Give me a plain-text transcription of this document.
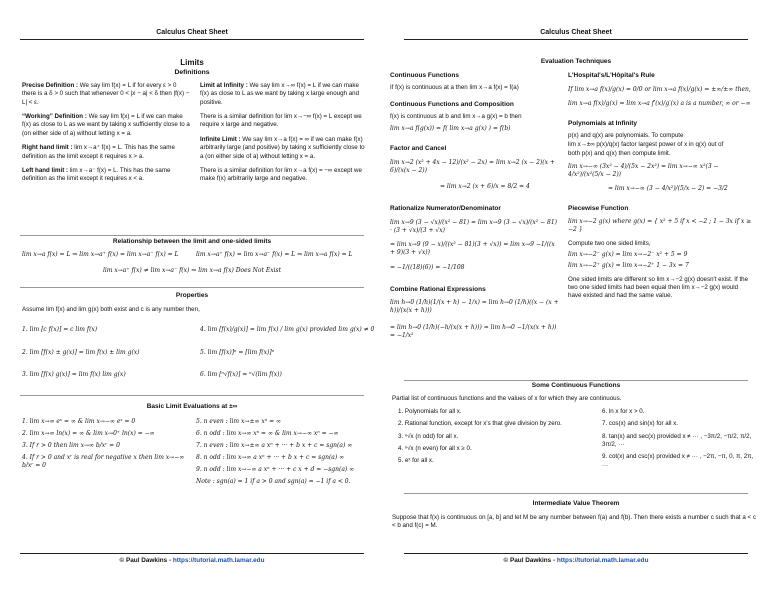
Calculus Cheat Sheet
Limits
Definitions

Precise Definition : We say lim f(x) = L if for every ε > 0 there is a δ > 0 such that whenever 0 < |x − a| < δ then |f(x) − L| < ε.

“Working” Definition : We say lim f(x) = L if we can make f(x) as close to L as we want by taking x sufficiently close to a (on either side of a) without letting x = a.

Right hand limit : lim x→a⁺ f(x) = L. This has the same definition as the limit except it requires x > a.

Left hand limit : lim x→a⁻ f(x) = L. This has the same definition as the limit except it requires x < a.

Limit at Infinity : We say lim x→∞ f(x) = L if we can make f(x) as close to L as we want by taking x large enough and positive.

There is a similar definition for lim x→−∞ f(x) = L except we require x large and negative.

Infinite Limit : We say lim x→a f(x) = ∞ if we can make f(x) arbitrarily large (and positive) by taking x sufficiently close to a (on either side of a) without letting x = a.

There is a similar definition for lim x→a f(x) = −∞ except we make f(x) arbitrarily large and negative.

Relationship between the limit and one-sided limits
lim x→a f(x) = L ⇒ lim x→a⁺ f(x) = lim x→a⁻ f(x) = L	lim x→a⁺ f(x) = lim x→a⁻ f(x) = L ⇒ lim x→a f(x) = L
lim x→a⁺ f(x) ≠ lim x→a⁻ f(x) ⇒ lim x→a f(x) Does Not Exist
Properties
Assume lim f(x) and lim g(x) both exist and c is any number then,
1. lim [c f(x)] = c lim f(x)
2. lim [f(x) ± g(x)] = lim f(x) ± lim g(x)
3. lim [f(x) g(x)] = lim f(x) lim g(x)
4. lim [f(x)/g(x)] = lim f(x) / lim g(x) provided lim g(x) ≠ 0
5. lim [f(x)]ⁿ = [lim f(x)]ⁿ
6. lim [ⁿ√f(x)] = ⁿ√(lim f(x))
Basic Limit Evaluations at ±∞
1. lim x→∞ eˣ = ∞ & lim x→−∞ eˣ = 0
2. lim x→∞ ln(x) = ∞ & lim x→0⁺ ln(x) = −∞
3. If r > 0 then lim x→∞ b/xʳ = 0
4. If r > 0 and xʳ is real for negative x then lim x→−∞ b/xʳ = 0
5. n even : lim x→±∞ xⁿ = ∞
6. n odd : lim x→∞ xⁿ = ∞ & lim x→−∞ xⁿ = −∞
7. n even : lim x→±∞ a xⁿ + ··· + b x + c = sgn(a) ∞
8. n odd : lim x→∞ a xⁿ + ··· + b x + c = sgn(a) ∞
9. n odd : lim x→−∞ a xⁿ + ··· + c x + d = −sgn(a) ∞
Note : sgn(a) = 1 if a > 0 and sgn(a) = −1 if a < 0.
© Paul Dawkins - https://tutorial.math.lamar.edu
Calculus Cheat Sheet
Evaluation Techniques
Continuous Functions

If f(x) is continuous at a then lim x→a f(x) = f(a)

Continuous Functions and Composition

f(x) is continuous at b and lim x→a g(x) = b then

lim x→a f(g(x)) = f( lim x→a g(x) ) = f(b)
Factor and Cancel
lim x→2 (x² + 4x − 12)/(x² − 2x) = lim x→2 (x − 2)(x + 6)/(x(x − 2))
= lim x→2 (x + 6)/x = 8/2 = 4
Rationalize Numerator/Denominator
lim x→9 (3 − √x)/(x² − 81) = lim x→9 (3 − √x)/(x² − 81) · (3 + √x)/(3 + √x)
= lim x→9 (9 − x)/((x² − 81)(3 + √x)) = lim x→9 −1/((x + 9)(3 + √x))
= −1/((18)(6)) = −1/108
Combine Rational Expressions
lim h→0 (1/h)(1/(x + h) − 1/x) = lim h→0 (1/h)((x − (x + h))/(x(x + h)))
= lim h→0 (1/h)(−h/(x(x + h))) = lim h→0 −1/(x(x + h)) = −1/x²
L'Hospital's/L'Hôpital's Rule
If lim x→a f(x)/g(x) = 0/0 or lim x→a f(x)/g(x) = ±∞/±∞ then,
lim x→a f(x)/g(x) = lim x→a f′(x)/g′(x) a is a number, ∞ or −∞
Polynomials at Infinity

p(x) and q(x) are polynomials. To compute

lim x→±∞ p(x)/q(x) factor largest power of x in q(x) out of

both p(x) and q(x) then compute limit.

lim x→−∞ (3x² − 4)/(5x − 2x²) = lim x→−∞ x²(3 − 4/x²)/(x²(5/x − 2))
= lim x→−∞ (3 − 4/x²)/(5/x − 2) = −3/2
Piecewise Function
lim x→−2 g(x) where g(x) = { x² + 5 if x < −2 ; 1 − 3x if x ≥ −2 }

Compute two one sided limits,

lim x→−2⁻ g(x) = lim x→−2⁻ x² + 5 = 9
lim x→−2⁺ g(x) = lim x→−2⁺ 1 − 3x = 7

One sided limits are different so lim x→−2 g(x) doesn't exist. If the two one sided limits had been equal then lim x→−2 g(x) would have existed and had the same value.

Some Continuous Functions
Partial list of continuous functions and the values of x for which they are continuous.
1. Polynomials for all x.
2. Rational function, except for x's that give division by zero.
3. ⁿ√x (n odd) for all x.
4. ⁿ√x (n even) for all x ≥ 0.
5. eˣ for all x.
6. ln x for x > 0.
7. cos(x) and sin(x) for all x.
8. tan(x) and sec(x) provided x ≠ ··· , −3π/2, −π/2, π/2, 3π/2, ···
9. cot(x) and csc(x) provided x ≠ ··· , −2π, −π, 0, π, 2π, ···
Intermediate Value Theorem
Suppose that f(x) is continuous on [a, b] and let M be any number between f(a) and f(b). Then there exists a number c such that a < c < b and f(c) = M.
© Paul Dawkins - https://tutorial.math.lamar.edu
